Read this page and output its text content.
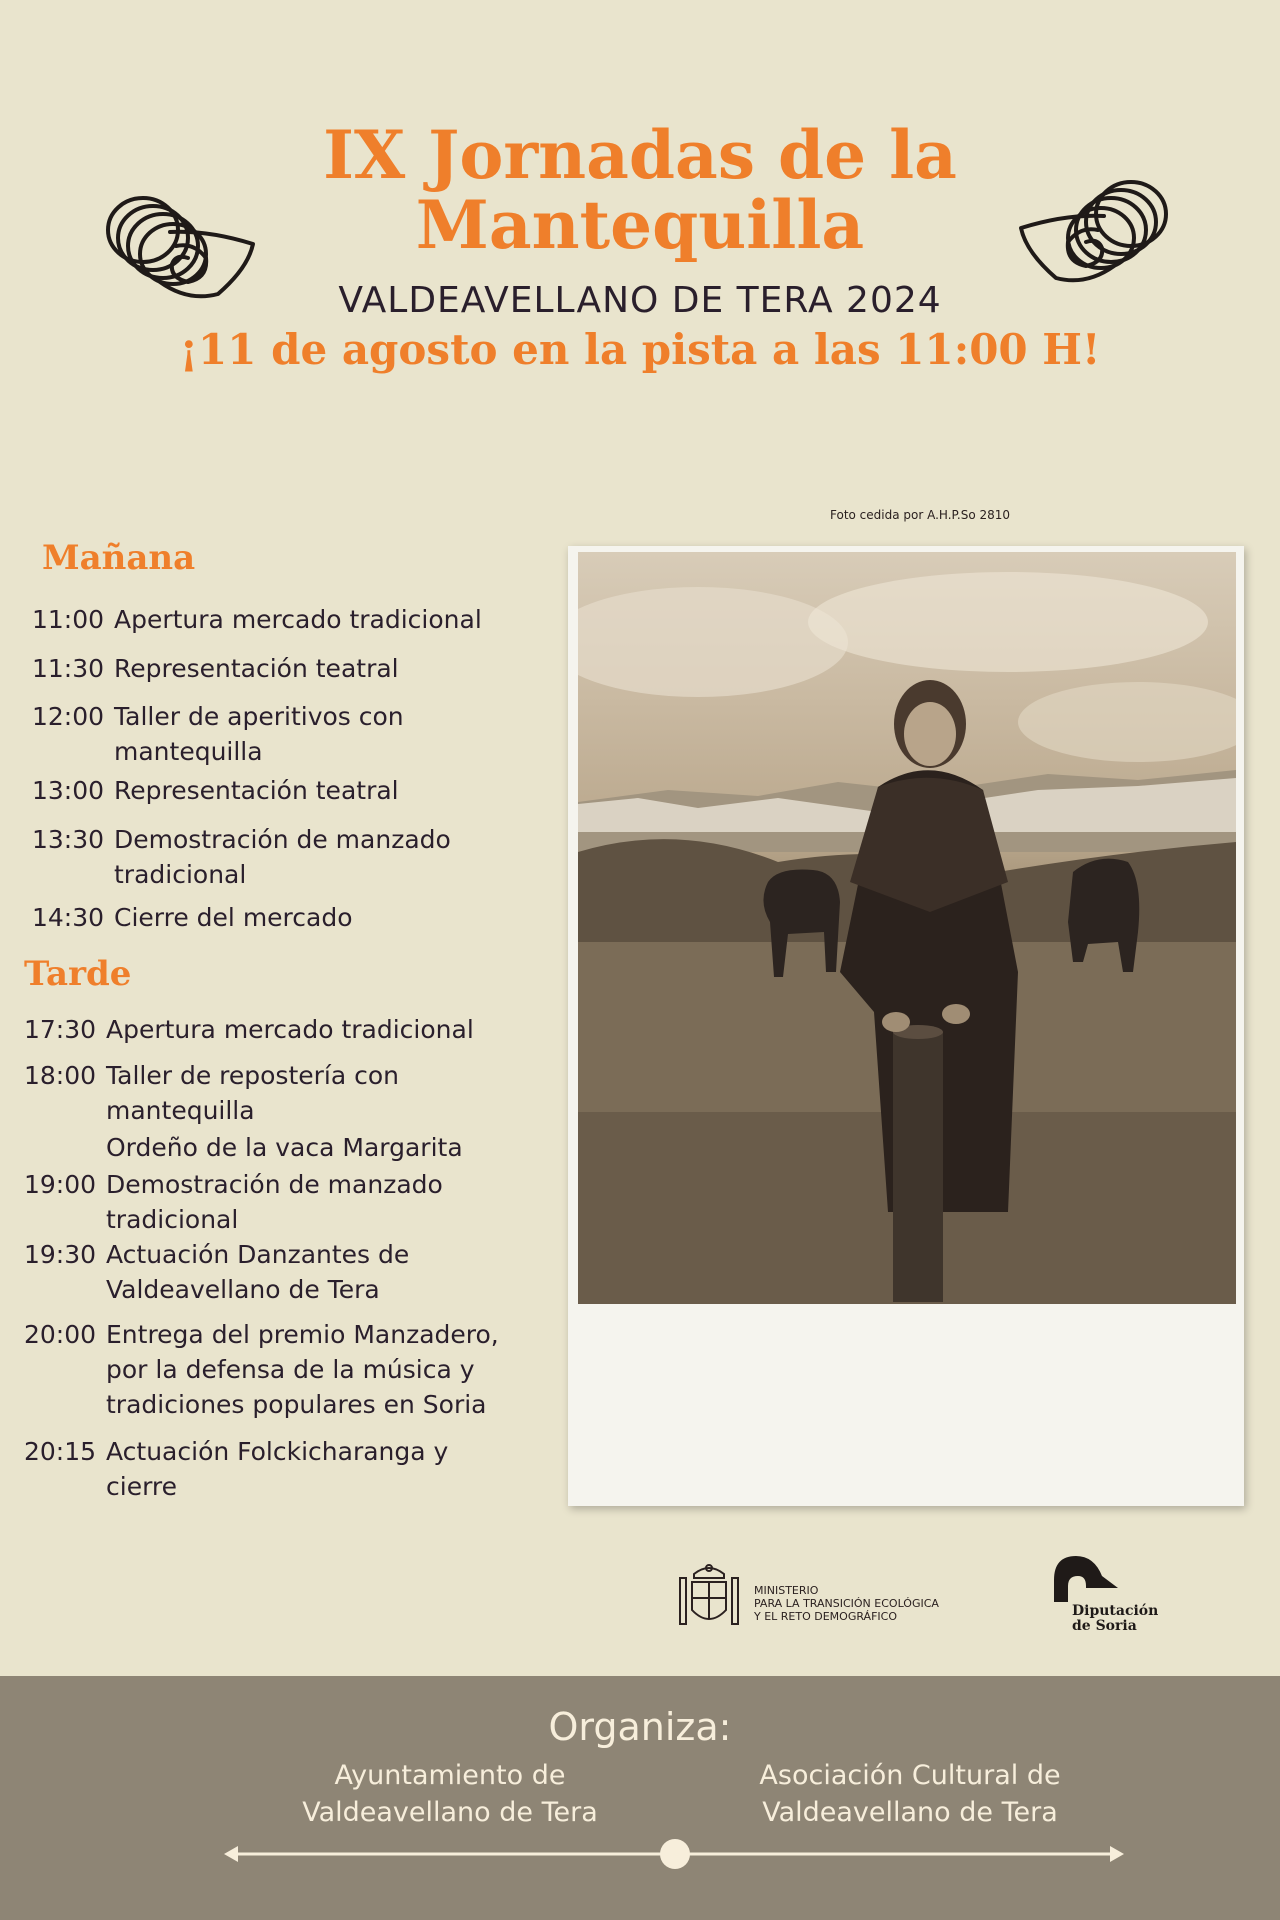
IX Jornadas de la
Mantequilla
VALDEAVELLANO DE TERA 2024
¡11 de agosto en la pista a las 11:00 H!
Mañana
11:00 Apertura mercado tradicional
11:30 Representación teatral
12:00 Taller de aperitivos con mantequilla
13:00 Representación teatral
13:30 Demostración de manzado tradicional
14:30 Cierre del mercado
Tarde
17:30 Apertura mercado tradicional
18:00 Taller de repostería con mantequilla
Ordeño de la vaca Margarita
19:00 Demostración de manzado tradicional
19:30 Actuación Danzantes de Valdeavellano de Tera
20:00 Entrega del premio Manzadero, por la defensa de la música y tradiciones populares en Soria
20:15 Actuación Folckicharanga y cierre
Foto cedida por A.H.P.So 2810
MINISTERIO
PARA LA TRANSICIÓN ECOLÓGICA
Y EL RETO DEMOGRÁFICO	Diputación
de Soria
Organiza:
Ayuntamiento de
Valdeavellano de Tera
Asociación Cultural de
Valdeavellano de Tera
